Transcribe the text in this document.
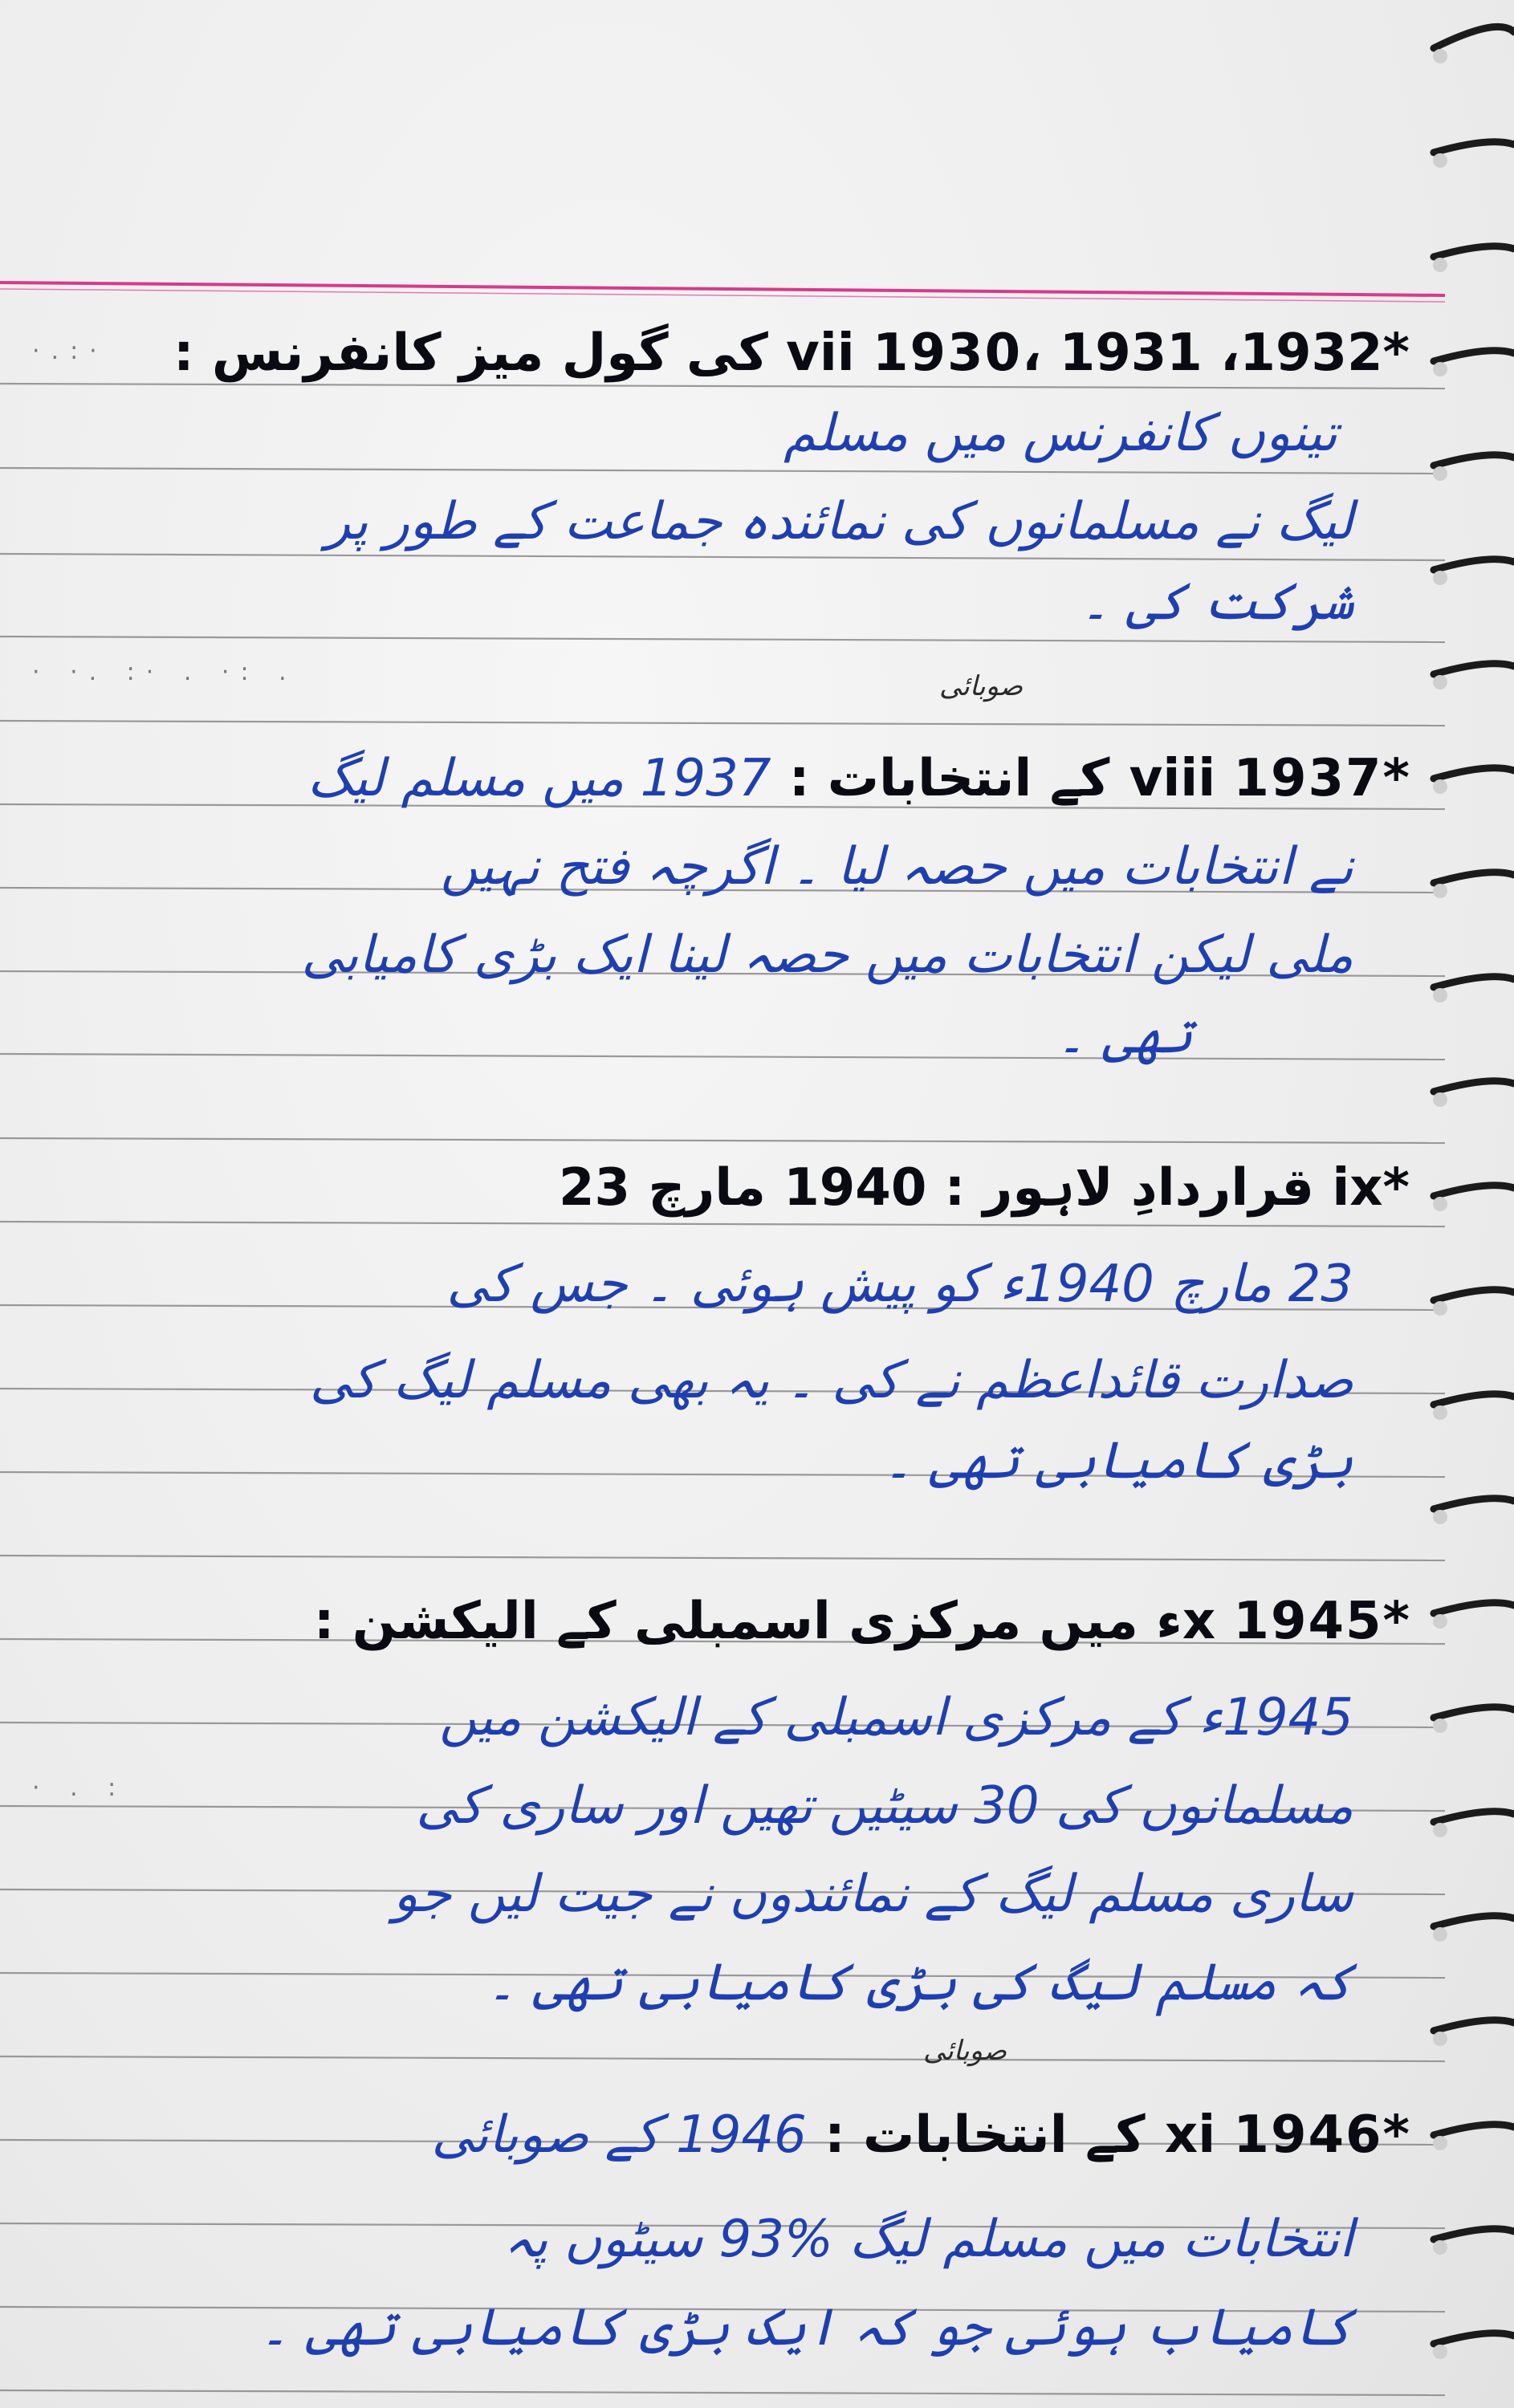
·.:·
· ·. :· . ·: .
· . :
*vii 1930، 1931 ،1932 کی گول میز کانفرنس :
تینوں کانفرنس میں مسلم
لیگ نے مسلمانوں کی نمائندہ جماعت کے طور پر
شرکت کی ۔
صوبائی
*viii 1937 کے انتخابات : 1937 میں مسلم لیگ
نے انتخابات میں حصہ لیا ۔ اگرچہ فتح نہیں
ملی لیکن انتخابات میں حصہ لینا ایک بڑی کامیابی
تھی ۔
*ix قراردادِ لاہور : 1940 مارچ 23
23 مارچ 1940ء کو پیش ہوئی ۔ جس کی
صدارت قائداعظم نے کی ۔ یہ بھی مسلم لیگ کی
بڑی کامیابی تھی ۔
*x 1945ء میں مرکزی اسمبلی کے الیکشن :
1945ء کے مرکزی اسمبلی کے الیکشن میں
مسلمانوں کی 30 سیٹیں تھیں اور ساری کی
ساری مسلم لیگ کے نمائندوں نے جیت لیں جو
کہ مسلم لیگ کی بڑی کامیابی تھی ۔
صوبائی
*xi 1946 کے انتخابات : 1946 کے صوبائی
انتخابات میں مسلم لیگ %93 سیٹوں پہ
کامیاب ہوئی جو کہ ایک بڑی کامیابی تھی ۔
